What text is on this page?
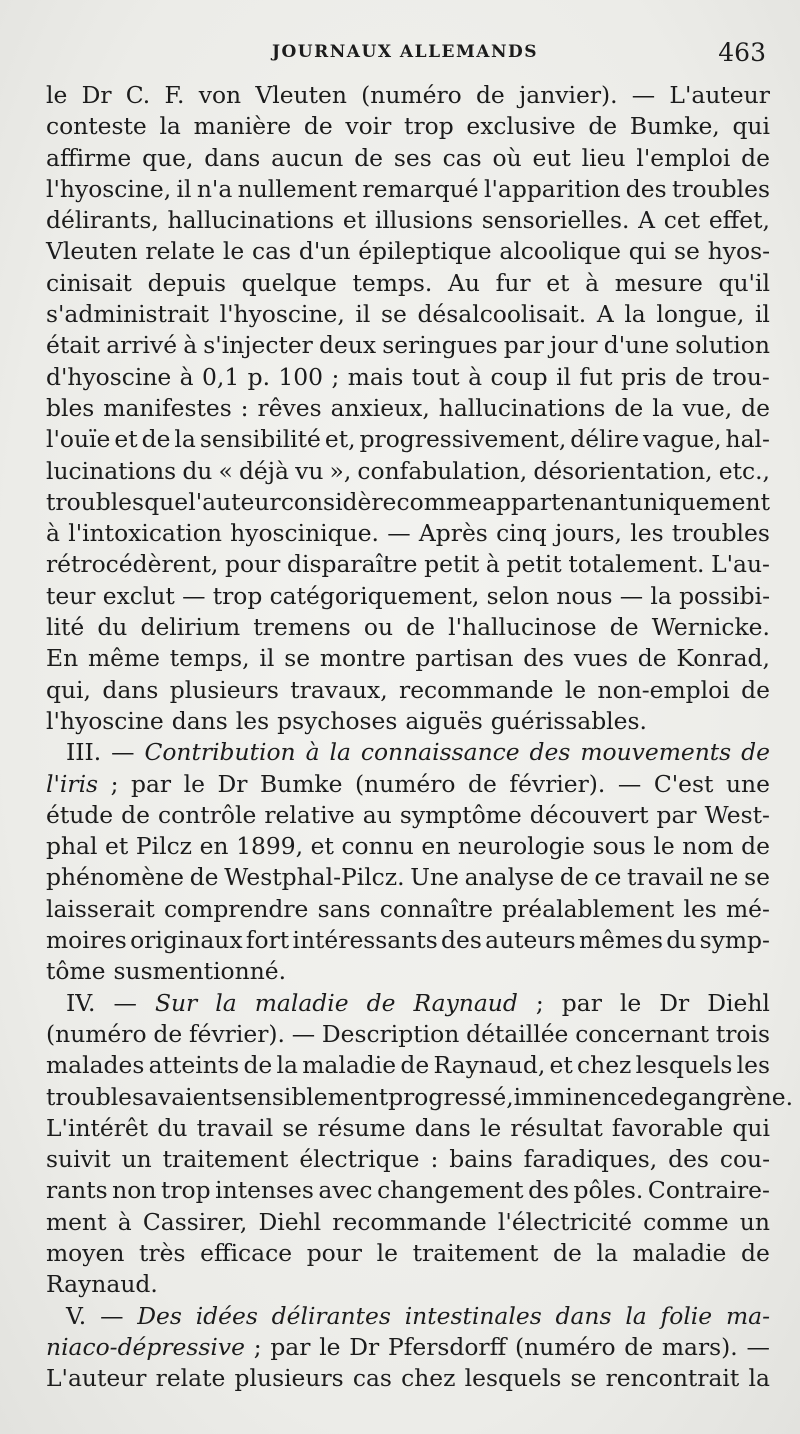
JOURNAUX ALLEMANDS	463
le Dr C. F. von Vleuten (numéro de janvier). — L'auteur
conteste la manière de voir trop exclusive de Bumke, qui
affirme que, dans aucun de ses cas où eut lieu l'emploi de
l'hyoscine, il n'a nullement remarqué l'apparition des troubles
délirants, hallucinations et illusions sensorielles. A cet effet,
Vleuten relate le cas d'un épileptique alcoolique qui se hyos-
cinisait depuis quelque temps. Au fur et à mesure qu'il
s'administrait l'hyoscine, il se désalcoolisait. A la longue, il
était arrivé à s'injecter deux seringues par jour d'une solution
d'hyoscine à 0,1 p. 100 ; mais tout à coup il fut pris de trou-
bles manifestes : rêves anxieux, hallucinations de la vue, de
l'ouïe et de la sensibilité et, progressivement, délire vague, hal-
lucinations du « déjà vu », confabulation, désorientation, etc.,
troubles que l'auteur considère comme appartenant uniquement
à l'intoxication hyoscinique. — Après cinq jours, les troubles
rétrocédèrent, pour disparaître petit à petit totalement. L'au-
teur exclut — trop catégoriquement, selon nous — la possibi-
lité du delirium tremens ou de l'hallucinose de Wernicke.
En même temps, il se montre partisan des vues de Konrad,
qui, dans plusieurs travaux, recommande le non-emploi de
l'hyoscine dans les psychoses aiguës guérissables.
III. — Contribution à la connaissance des mouvements de
l'iris ; par le Dr Bumke (numéro de février). — C'est une
étude de contrôle relative au symptôme découvert par West-
phal et Pilcz en 1899, et connu en neurologie sous le nom de
phénomène de Westphal-Pilcz. Une analyse de ce travail ne se
laisserait comprendre sans connaître préalablement les mé-
moires originaux fort intéressants des auteurs mêmes du symp-
tôme susmentionné.
IV. — Sur la maladie de Raynaud ; par le Dr Diehl
(numéro de février). — Description détaillée concernant trois
malades atteints de la maladie de Raynaud, et chez lesquels les
troubles avaient sensiblement progressé, imminence de gangrène.
L'intérêt du travail se résume dans le résultat favorable qui
suivit un traitement électrique : bains faradiques, des cou-
rants non trop intenses avec changement des pôles. Contraire-
ment à Cassirer, Diehl recommande l'électricité comme un
moyen très efficace pour le traitement de la maladie de
Raynaud.
V. — Des idées délirantes intestinales dans la folie ma-
niaco-dépressive ; par le Dr Pfersdorff (numéro de mars). —
L'auteur relate plusieurs cas chez lesquels se rencontrait la
